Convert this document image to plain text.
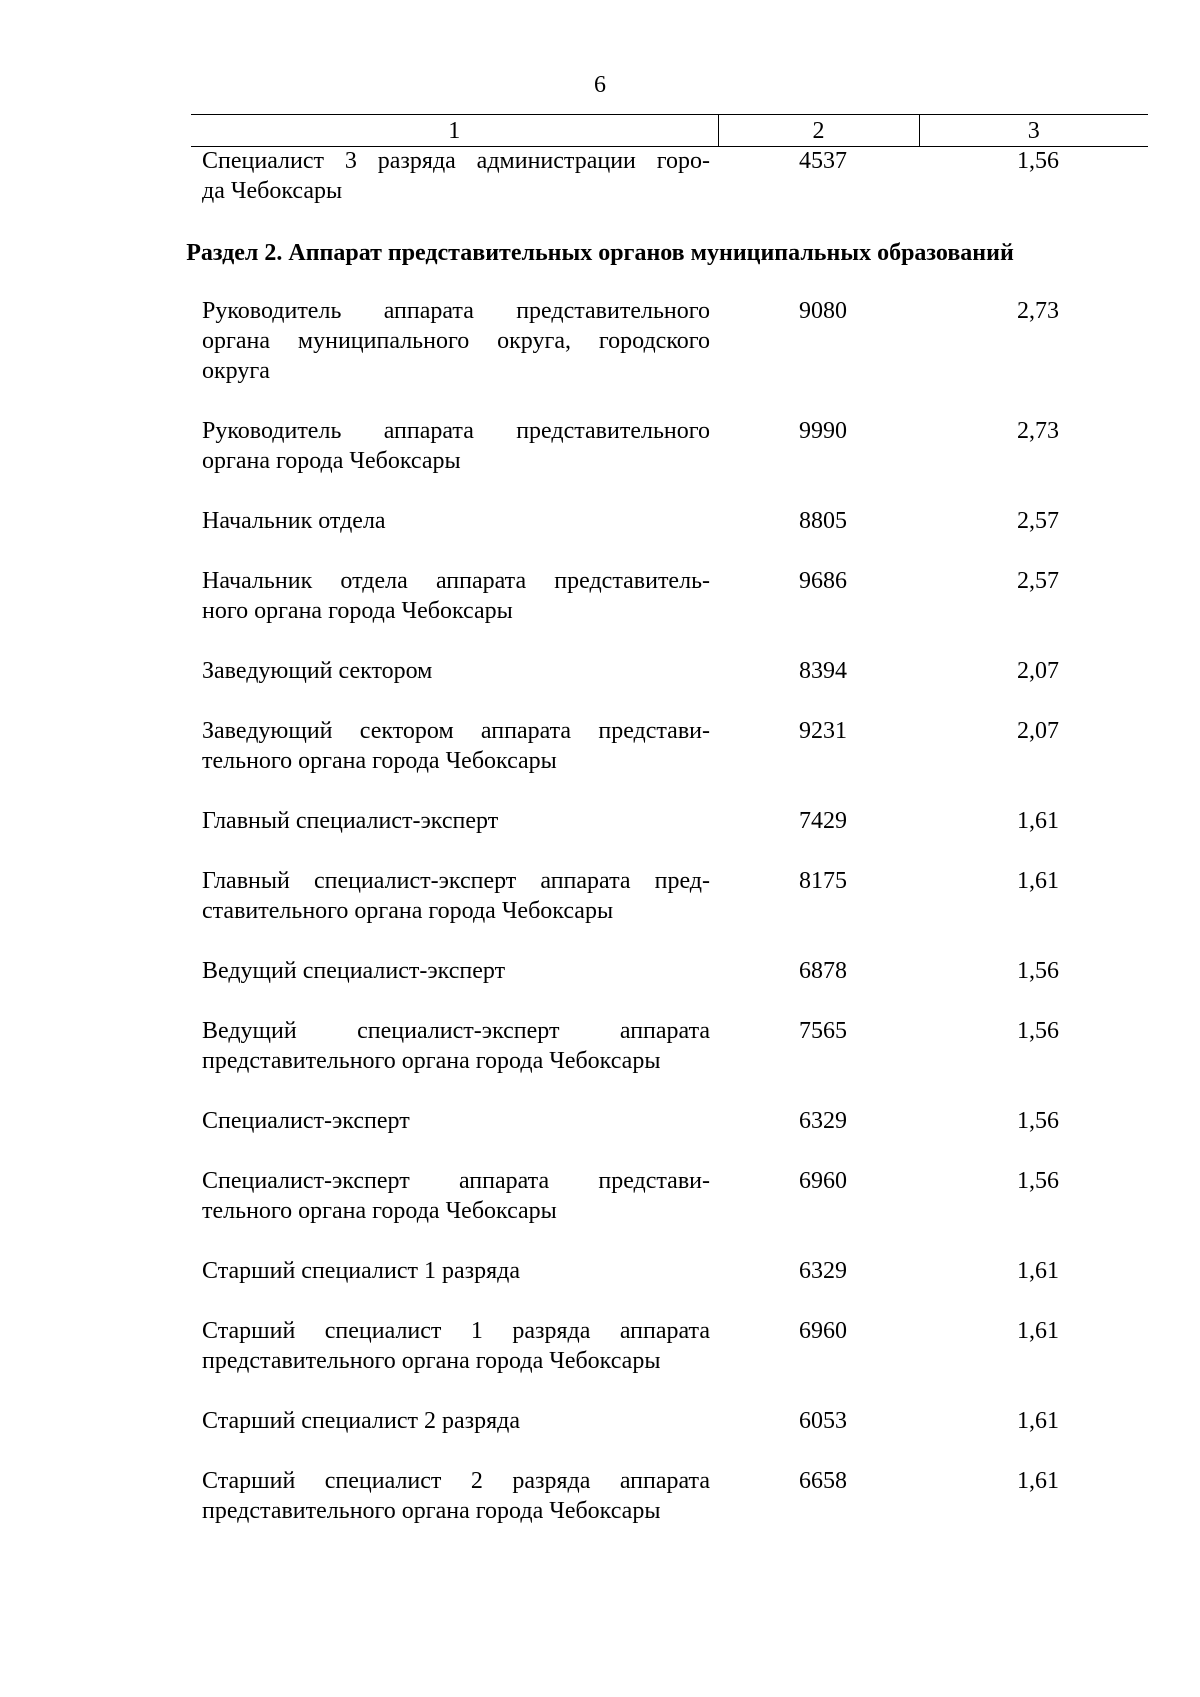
6
1	2	3
Специалист 3 разряда администрации горо-
да Чебоксары
4537	1,56
Раздел 2. Аппарат представительных органов муниципальных образований
Руководитель аппарата представительного органа муниципального округа, городского округа
9080	2,73
Руководитель аппарата представительного органа города Чебоксары
9990	2,73
Начальник отдела	8805	2,57
Начальник отдела аппарата представитель-
ного органа города Чебоксары
9686	2,57
Заведующий сектором	8394	2,07
Заведующий сектором аппарата представи-
тельного органа города Чебоксары
9231	2,07
Главный специалист-эксперт	7429	1,61
Главный специалист-эксперт аппарата пред-
ставительного органа города Чебоксары
8175	1,61
Ведущий специалист-эксперт	6878	1,56
Ведущий специалист-эксперт аппарата представительного органа города Чебоксары
7565	1,56
Специалист-эксперт	6329	1,56
Специалист-эксперт аппарата представи-
тельного органа города Чебоксары
6960	1,56
Старший специалист 1 разряда	6329	1,61
Старший специалист 1 разряда аппарата представительного органа города Чебоксары
6960	1,61
Старший специалист 2 разряда	6053	1,61
Старший специалист 2 разряда аппарата представительного органа города Чебоксары
6658	1,61
